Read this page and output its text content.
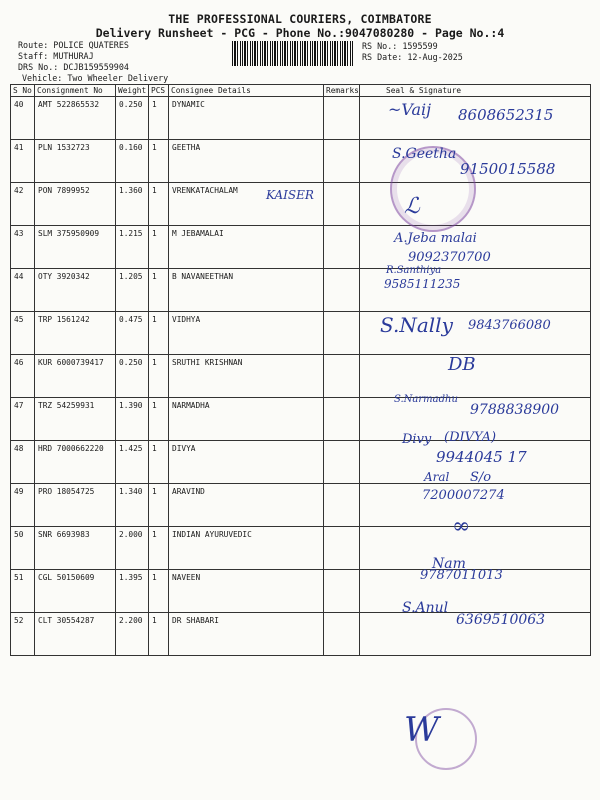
THE PROFESSIONAL COURIERS, COIMBATORE
Delivery Runsheet - PCG - Phone No.:9047080280 - Page No.:4
Route: POLICE QUATERES
Staff: MUTHURAJ
DRS No.: DCJB159559904
Vehicle: Two Wheeler Delivery
RS No.: 1595599
RS Date: 12-Aug-2025
S No	Consignment No	Weight	PCS	Consignee Details	Remarks	Seal & Signature
40	AMT 522865532	0.250	1	DYNAMIC		
41	PLN 1532723	0.160	1	GEETHA		
42	PON 7899952	1.360	1	VRENKATACHALAM		
43	SLM 375950909	1.215	1	M JEBAMALAI		
44	OTY 3920342	1.205	1	B NAVANEETHAN		
45	TRP 1561242	0.475	1	VIDHYA		
46	KUR 6000739417	0.250	1	SRUTHI KRISHNAN		
47	TRZ 54259931	1.390	1	NARMADHA		
48	HRD 7000662220	1.425	1	DIVYA		
49	PRO 18054725	1.340	1	ARAVIND		
50	SNR 6693983	2.000	1	INDIAN AYURUVEDIC		
51	CGL 50150609	1.395	1	NAVEEN		
52	CLT 30554287	2.200	1	DR SHABARI		
~Vaij 8608652315
S.Geetha
9150015588
KAISER	ℒ
A.Jeba malai
9092370700
R.Santhiya
9585111235
S.Nally 9843766080
DB
S.Narmadhu
9788838900
Divy (DIVYA)
9944045 17
Aral S/o
7200007274
∞
Nam
9787011013
S.Anul
6369510063
W
